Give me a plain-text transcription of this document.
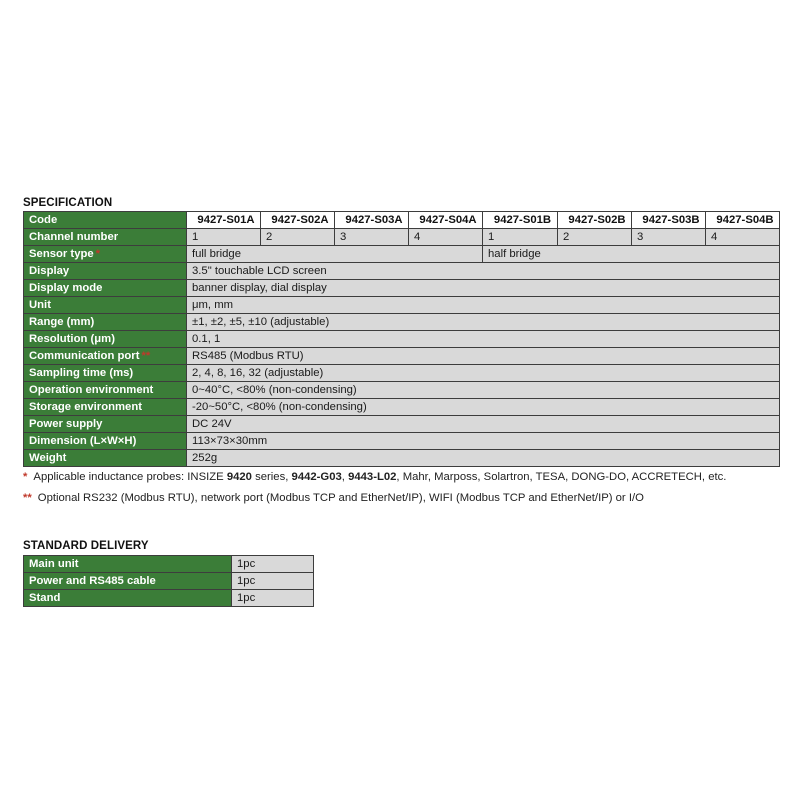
SPECIFICATION
Code	9427-S01A	9427-S02A	9427-S03A	9427-S04A	9427-S01B	9427-S02B	9427-S03B	9427-S04B
Channel number	1	2	3	4	1	2	3	4
Sensor type *	full bridge				half bridge			
Display	3.5" touchable LCD screen							
Display mode	banner display, dial display							
Unit	μm, mm							
Range (mm)	±1, ±2, ±5, ±10 (adjustable)							
Resolution (μm)	0.1, 1							
Communication port **	RS485 (Modbus RTU)							
Sampling time (ms)	2, 4, 8, 16, 32 (adjustable)							
Operation environment	0~40°C, <80% (non-condensing)							
Storage environment	-20~50°C, <80% (non-condensing)							
Power supply	DC 24V							
Dimension (L×W×H)	113×73×30mm							
Weight	252g							
* Applicable inductance probes: INSIZE 9420 series, 9442-G03, 9443-L02, Mahr, Marposs, Solartron, TESA, DONG-DO, ACCRETECH, etc.
** Optional RS232 (Modbus RTU), network port (Modbus TCP and EtherNet/IP), WIFI (Modbus TCP and EtherNet/IP) or I/O
STANDARD DELIVERY
Main unit	1pc
Power and RS485 cable	1pc
Stand	1pc
